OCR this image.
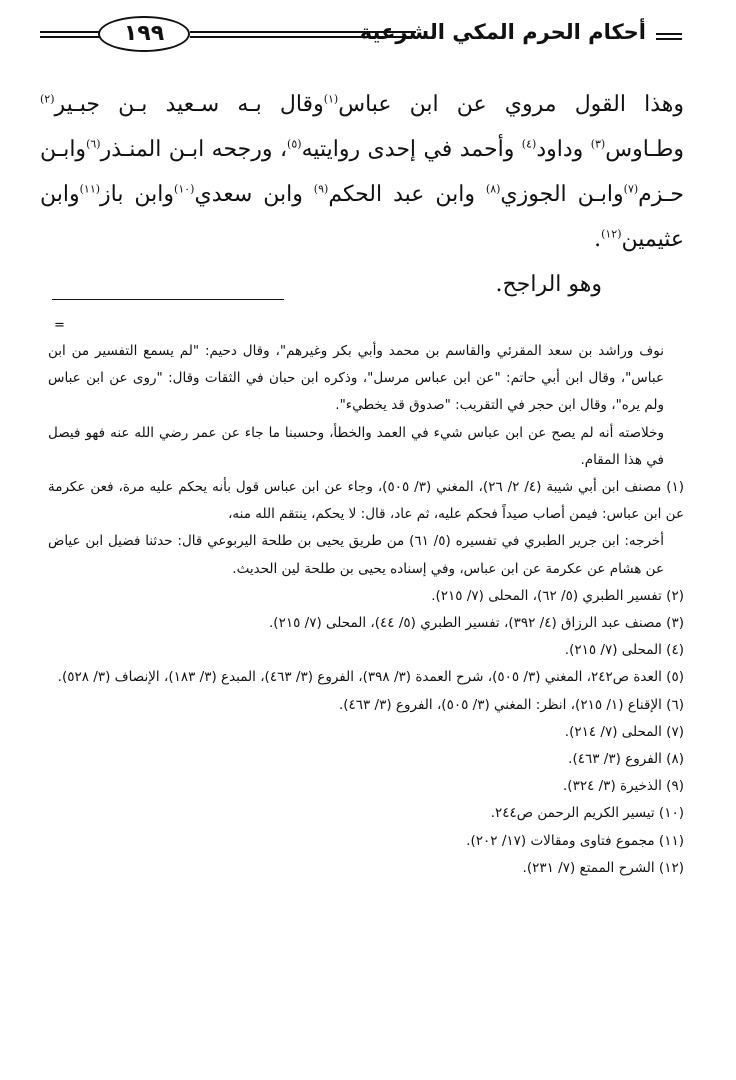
أحكام الحرم المكي الشرعية
١٩٩

وهذا القول مروي عن ابن عباس$^{(١)}$وقال بـه سـعيد بـن جبـير$^{(٢)}$ وطـاوس$^{(٣)}$ وداود$^{(٤)}$ وأحمد في إحدى روايتيه$^{(٥)}$، ورجحه ابـن المنـذر$^{(٦)}$وابـن حـزم$^{(٧)}$وابـن الجوزي$^{(٨)}$ وابن عبد الحكم$^{(٩)}$ وابن سعدي$^{(١٠)}$وابن باز$^{(١١)}$وابن عثيمين$^{(١٢)}$.

وهو الراجح.

=

نوف وراشد بن سعد المقرئي والقاسم بن محمد وأبي بكر وغيرهم"، وقال دحيم: "لم يسمع التفسير من ابن عباس"، وقال ابن أبي حاتم: "عن ابن عباس مرسل"، وذكره ابن حبان في الثقات وقال: "روى عن ابن عباس ولم يره"، وقال ابن حجر في التقريب: "صدوق قد يخطيء".

وخلاصته أنه لم يصح عن ابن عباس شيء في العمد والخطأ، وحسبنا ما جاء عن عمر رضي الله عنه فهو فيصل في هذا المقام.

(١) مصنف ابن أبي شيبة (٤/ ٢/ ٢٦)، المغني (٣/ ٥٠٥)، وجاء عن ابن عباس قول بأنه يحكم عليه مرة، فعن عكرمة عن ابن عباس: فيمن أصاب صيداً فحكم عليه، ثم عاد، قال: لا يحكم، ينتقم الله منه،

أخرجه: ابن جرير الطبري في تفسيره (٥/ ٦١) من طريق يحيى بن طلحة اليربوعي قال: حدثنا فضيل ابن عياض عن هشام عن عكرمة عن ابن عباس، وفي إسناده يحيى بن طلحة لين الحديث.

(٢) تفسير الطبري (٥/ ٦٢)، المحلى (٧/ ٢١٥).

(٣) مصنف عبد الرزاق (٤/ ٣٩٢)، تفسير الطبري (٥/ ٤٤)، المحلى (٧/ ٢١٥).

(٤) المحلى (٧/ ٢١٥).

(٥) العدة ص٢٤٢، المغني (٣/ ٥٠٥)، شرح العمدة (٣/ ٣٩٨)، الفروع (٣/ ٤٦٣)، المبدع (٣/ ١٨٣)، الإنصاف (٣/ ٥٢٨).

(٦) الإقناع (١/ ٢١٥)، انظر: المغني (٣/ ٥٠٥)، الفروع (٣/ ٤٦٣).

(٧) المحلى (٧/ ٢١٤).

(٨) الفروع (٣/ ٤٦٣).

(٩) الذخيرة (٣/ ٣٢٤).

(١٠) تيسير الكريم الرحمن ص٢٤٤.

(١١) مجموع فتاوى ومقالات (١٧/ ٢٠٢).

(١٢) الشرح الممتع (٧/ ٢٣١).
